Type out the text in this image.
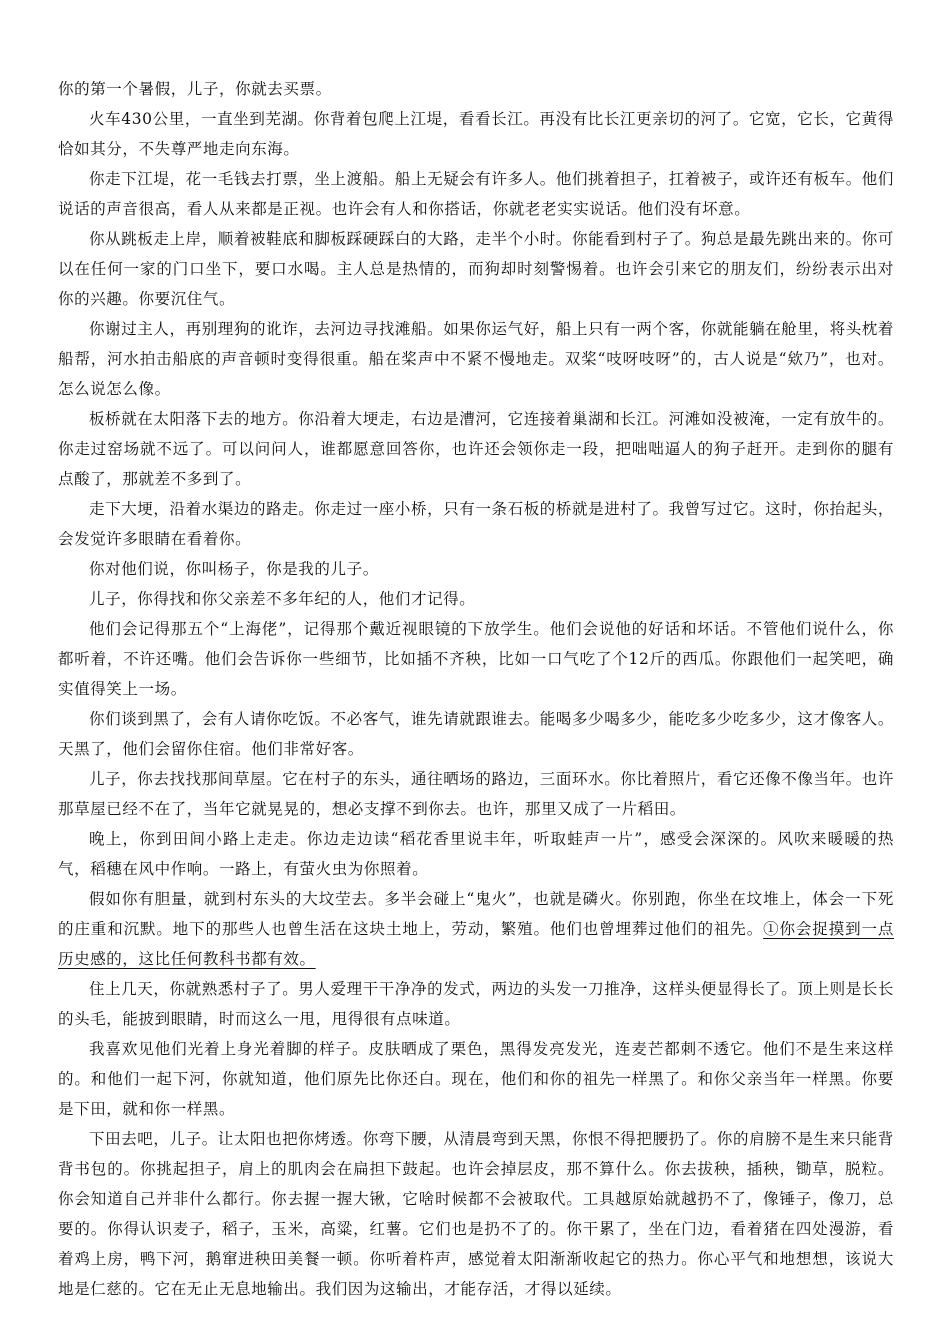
你的第一个暑假，儿子，你就去买票。

火车430公里，一直坐到芜湖。你背着包爬上江堤，看看长江。再没有比长江更亲切的河了。它宽，它长，它黄得恰如其分，不失尊严地走向东海。

你走下江堤，花一毛钱去打票，坐上渡船。船上无疑会有许多人。他们挑着担子，扛着被子，或许还有板车。他们说话的声音很高，看人从来都是正视。也许会有人和你搭话，你就老老实实说话。他们没有坏意。

你从跳板走上岸，顺着被鞋底和脚板踩硬踩白的大路，走半个小时。你能看到村子了。狗总是最先跳出来的。你可以在任何一家的门口坐下，要口水喝。主人总是热情的，而狗却时刻警惕着。也许会引来它的朋友们，纷纷表示出对你的兴趣。你要沉住气。

你谢过主人，再别理狗的讹诈，去河边寻找滩船。如果你运气好，船上只有一两个客，你就能躺在舱里，将头枕着船帮，河水拍击船底的声音顿时变得很重。船在桨声中不紧不慢地走。双桨“吱呀吱呀”的，古人说是“欸乃”，也对。怎么说怎么像。

板桥就在太阳落下去的地方。你沿着大埂走，右边是漕河，它连接着巢湖和长江。河滩如没被淹，一定有放牛的。你走过窑场就不远了。可以问问人，谁都愿意回答你，也许还会领你走一段，把咄咄逼人的狗子赶开。走到你的腿有点酸了，那就差不多到了。

走下大埂，沿着水渠边的路走。你走过一座小桥，只有一条石板的桥就是进村了。我曾写过它。这时，你抬起头，会发觉许多眼睛在看着你。

你对他们说，你叫杨子，你是我的儿子。

儿子，你得找和你父亲差不多年纪的人，他们才记得。

他们会记得那五个“上海佬”，记得那个戴近视眼镜的下放学生。他们会说他的好话和坏话。不管他们说什么，你都听着，不许还嘴。他们会告诉你一些细节，比如插不齐秧，比如一口气吃了个12斤的西瓜。你跟他们一起笑吧，确实值得笑上一场。

你们谈到黑了，会有人请你吃饭。不必客气，谁先请就跟谁去。能喝多少喝多少，能吃多少吃多少，这才像客人。天黑了，他们会留你住宿。他们非常好客。

儿子，你去找找那间草屋。它在村子的东头，通往晒场的路边，三面环水。你比着照片，看它还像不像当年。也许那草屋已经不在了，当年它就晃晃的，想必支撑不到你去。也许，那里又成了一片稻田。

晚上，你到田间小路上走走。你边走边读“稻花香里说丰年，听取蛙声一片”，感受会深深的。风吹来暖暖的热气，稻穗在风中作响。一路上，有萤火虫为你照着。

假如你有胆量，就到村东头的大坟茔去。多半会碰上“鬼火”，也就是磷火。你别跑，你坐在坟堆上，体会一下死的庄重和沉默。地下的那些人也曾生活在这块土地上，劳动，繁殖。他们也曾埋葬过他们的祖先。①你会捉摸到一点历史感的，这比任何教科书都有效。

住上几天，你就熟悉村子了。男人爱理干干净净的发式，两边的头发一刀推净，这样头便显得长了。顶上则是长长的头毛，能披到眼睛，时而这么一甩，甩得很有点味道。

我喜欢见他们光着上身光着脚的样子。皮肤晒成了栗色，黑得发亮发光，连麦芒都刺不透它。他们不是生来这样的。和他们一起下河，你就知道，他们原先比你还白。现在，他们和你的祖先一样黑了。和你父亲当年一样黑。你要是下田，就和你一样黑。

下田去吧，儿子。让太阳也把你烤透。你弯下腰，从清晨弯到天黑，你恨不得把腰扔了。你的肩膀不是生来只能背背书包的。你挑起担子，肩上的肌肉会在扁担下鼓起。也许会掉层皮，那不算什么。你去拔秧，插秧，锄草，脱粒。你会知道自己并非什么都行。你去握一握大锹，它啥时候都不会被取代。工具越原始就越扔不了，像锤子，像刀，总要的。你得认识麦子，稻子，玉米，高粱，红薯。它们也是扔不了的。你干累了，坐在门边，看着猪在四处漫游，看着鸡上房，鸭下河，鹅窜进秧田美餐一顿。你听着杵声，感觉着太阳渐渐收起它的热力。你心平气和地想想，该说大地是仁慈的。它在无止无息地输出。我们因为这输出，才能存活，才得以延续。
